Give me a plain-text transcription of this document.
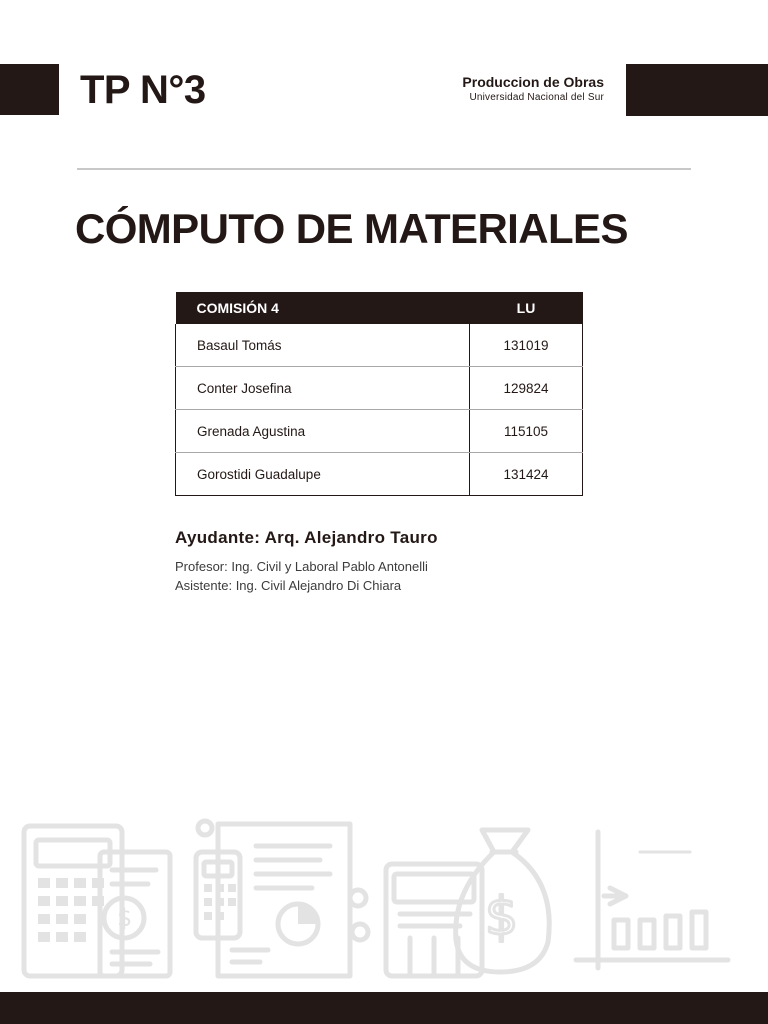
TP N°3	Produccion de Obras
Universidad Nacional del Sur
CÓMPUTO DE MATERIALES
COMISIÓN 4	LU
Basaul Tomás	131019
Conter Josefina	129824
Grenada Agustina	115105
Gorostidi Guadalupe	131424
Ayudante: Arq. Alejandro Tauro
Profesor: Ing. Civil y Laboral Pablo Antonelli
Asistente: Ing. Civil Alejandro Di Chiara
$	$
